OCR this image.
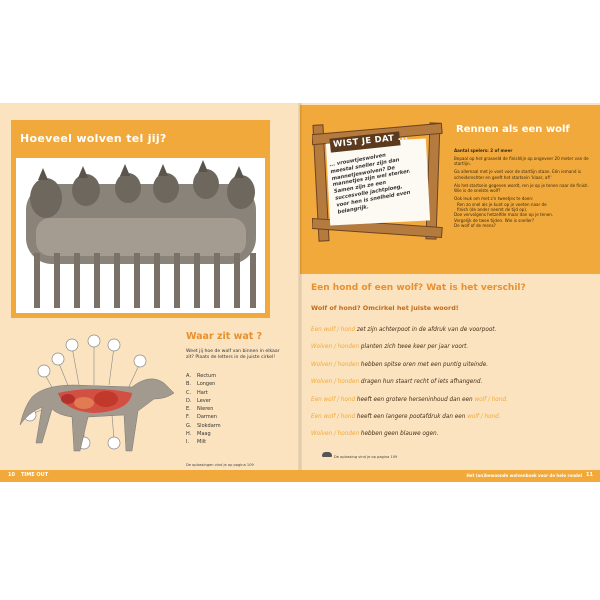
Hoeveel wolven tel jij?
Waar zit wat ?
Weet jij hoe de wolf van binnen in elkaar zit? Plaats de letters in de juiste cirkel!
A. Rectum
B. Longen
C. Hart
D. Lever
E. Nieren
F. Darmen
G. Slokdarm
H. Maag
I. Milt
De oplossingen vind je op pagina 109
WIST JE DAT ...
... vrouwtjeswolven meestal sneller zijn dan mannetjeswolven? De mannetjes zijn wel sterker. Samen zijn ze een succesvolle jachtploeg, voor hen is snelheid even belangrijk.
Rennen als een wolf

Aantal spelers: 2 of meer

Bepaal op het grasveld de finishlijn op ongeveer 20 meter van de startlijn.

Ga allemaal met je voet voor de startlijn staan. Eén iemand is scheidsrechter en geeft het startsein 'klaar, af!'

Als het startsein gegeven wordt, ren je op je tenen naar de finish. Wie is de snelste wolf?

Ook leuk om met z'n tweetjes te doen:

Ren zo snel als je kunt op je voeten naar de

finish (de ander neemt de tijd op).

Doe vervolgens hetzelfde maar dan op je tenen.

Vergelijk de twee tijden. Wie is sneller?

De wolf of de mens?

Een hond of een wolf? Wat is het verschil?
Wolf of hond? Omcirkel het juiste woord!
Een wolf / hond zet zijn achterpoot in de afdruk van de voorpoot.
Wolven / honden planten zich twee keer per jaar voort.
Wolven / honden hebben spitse oren met een puntig uiteinde.
Wolven / honden dragen hun staart recht of iets afhangend.
Een wolf / hond heeft een grotere herseninhoud dan een wolf / hond.
Een wolf / hond heeft een langere pootafdruk dan een wolf / hond.
Wolven / honden hebben geen blauwe ogen.
De oplossing vind je op pagina 109
10 TIME OUT	Het (on)bewoonde wolvenboek voor de hele rondel 11
